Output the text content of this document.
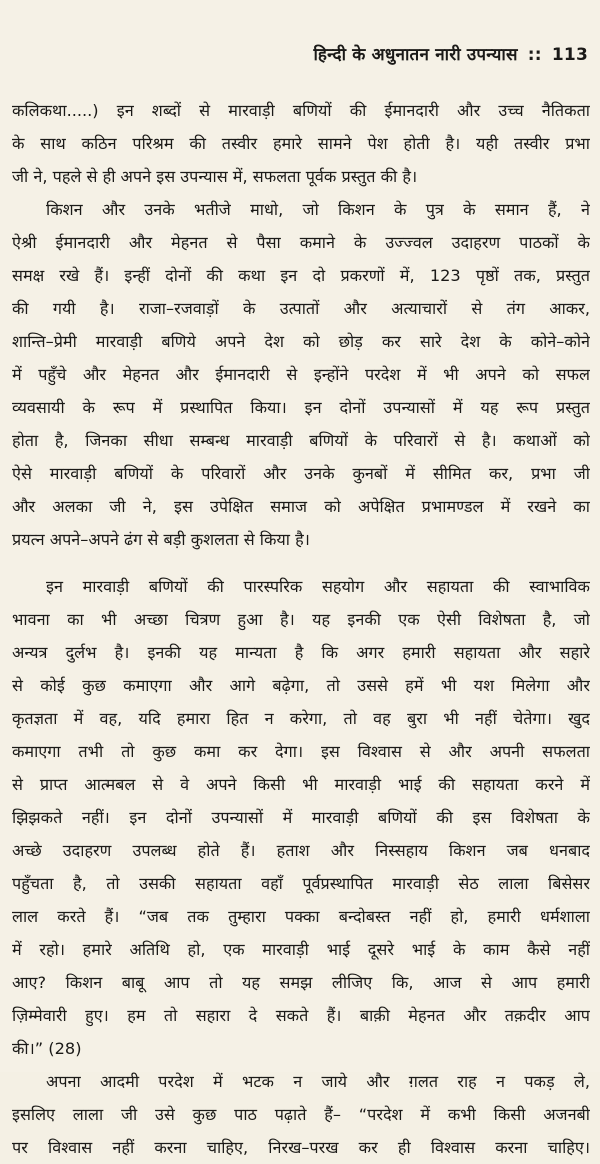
हिन्दी के अधुनातन नारी उपन्यास :: 113
कलिकथा.....) इन शब्दों से मारवाड़ी बणियों की ईमानदारी और उच्च नैतिकता
के साथ कठिन परिश्रम की तस्वीर हमारे सामने पेश होती है। यही तस्वीर प्रभा
जी ने, पहले से ही अपने इस उपन्यास में, सफलता पूर्वक प्रस्तुत की है।
किशन और उनके भतीजे माधो, जो किशन के पुत्र के समान हैं, ने
ऐश्री ईमानदारी और मेहनत से पैसा कमाने के उज्ज्वल उदाहरण पाठकों के
समक्ष रखे हैं। इन्हीं दोनों की कथा इन दो प्रकरणों में, 123 पृष्ठों तक, प्रस्तुत
की गयी है। राजा–रजवाड़ों के उत्पातों और अत्याचारों से तंग आकर,
शान्ति–प्रेमी मारवाड़ी बणिये अपने देश को छोड़ कर सारे देश के कोने–कोने
में पहुँचे और मेहनत और ईमानदारी से इन्होंने परदेश में भी अपने को सफल
व्यवसायी के रूप में प्रस्थापित किया। इन दोनों उपन्यासों में यह रूप प्रस्तुत
होता है, जिनका सीधा सम्बन्ध मारवाड़ी बणियों के परिवारों से है। कथाओं को
ऐसे मारवाड़ी बणियों के परिवारों और उनके कुनबों में सीमित कर, प्रभा जी
और अलका जी ने, इस उपेक्षित समाज को अपेक्षित प्रभामण्डल में रखने का
प्रयत्न अपने–अपने ढंग से बड़ी कुशलता से किया है।
इन मारवाड़ी बणियों की पारस्परिक सहयोग और सहायता की स्वाभाविक
भावना का भी अच्छा चित्रण हुआ है। यह इनकी एक ऐसी विशेषता है, जो
अन्यत्र दुर्लभ है। इनकी यह मान्यता है कि अगर हमारी सहायता और सहारे
से कोई कुछ कमाएगा और आगे बढ़ेगा, तो उससे हमें भी यश मिलेगा और
कृतज्ञता में वह, यदि हमारा हित न करेगा, तो वह बुरा भी नहीं चेतेगा। खुद
कमाएगा तभी तो कुछ कमा कर देगा। इस विश्वास से और अपनी सफलता
से प्राप्त आत्मबल से वे अपने किसी भी मारवाड़ी भाई की सहायता करने में
झिझकते नहीं। इन दोनों उपन्यासों में मारवाड़ी बणियों की इस विशेषता के
अच्छे उदाहरण उपलब्ध होते हैं। हताश और निस्सहाय किशन जब धनबाद
पहुँचता है, तो उसकी सहायता वहाँ पूर्वप्रस्थापित मारवाड़ी सेठ लाला बिसेसर
लाल करते हैं। “जब तक तुम्हारा पक्का बन्दोबस्त नहीं हो, हमारी धर्मशाला
में रहो। हमारे अतिथि हो, एक मारवाड़ी भाई दूसरे भाई के काम कैसे नहीं
आए? किशन बाबू आप तो यह समझ लीजिए कि, आज से आप हमारी
ज़िम्मेवारी हुए। हम तो सहारा दे सकते हैं। बाक़ी मेहनत और तक़दीर आप
की।” (28)
अपना आदमी परदेश में भटक न जाये और ग़लत राह न पकड़ ले,
इसलिए लाला जी उसे कुछ पाठ पढ़ाते हैं– “परदेश में कभी किसी अजनबी
पर विश्वास नहीं करना चाहिए, निरख–परख कर ही विश्वास करना चाहिए।
